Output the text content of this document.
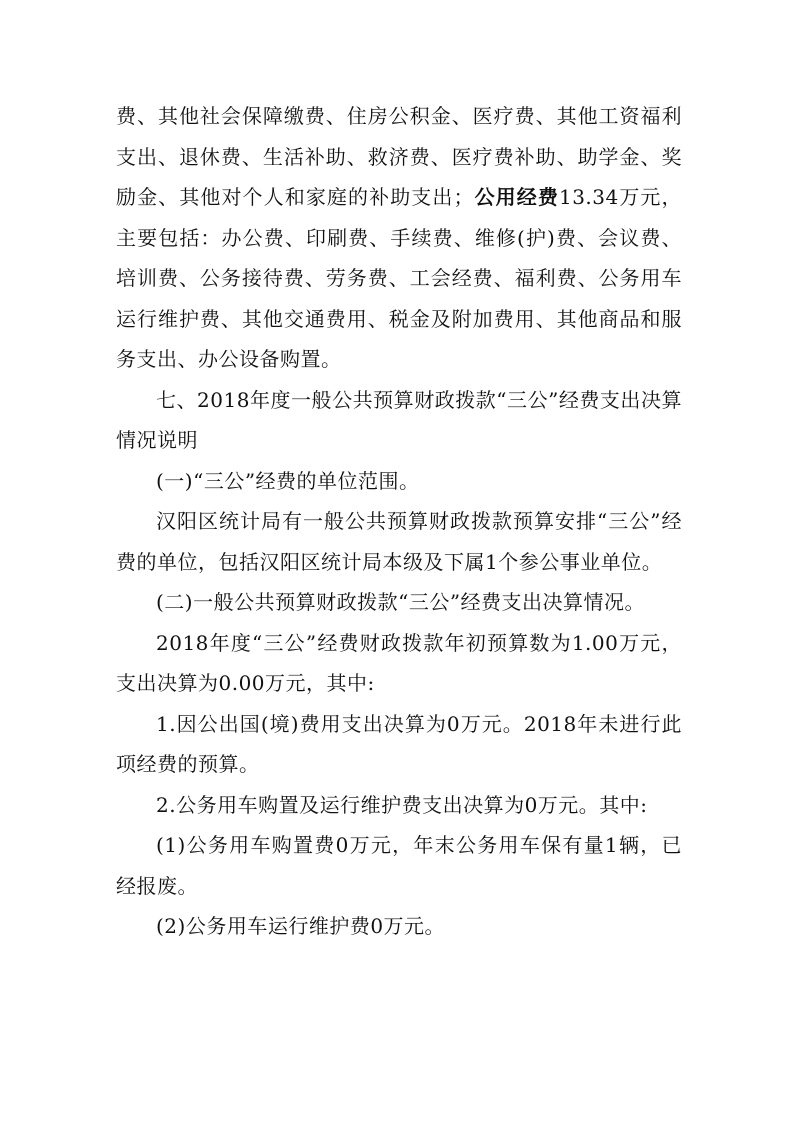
费、其他社会保障缴费、住房公积金、医疗费、其他工资福利支出、退休费、生活补助、救济费、医疗费补助、助学金、奖励金、其他对个人和家庭的补助支出；公用经费13.34万元，主要包括：办公费、印刷费、手续费、维修(护)费、会议费、培训费、公务接待费、劳务费、工会经费、福利费、公务用车运行维护费、其他交通费用、税金及附加费用、其他商品和服务支出、办公设备购置。

七、2018年度一般公共预算财政拨款“三公”经费支出决算情况说明

(一)“三公”经费的单位范围。

汉阳区统计局有一般公共预算财政拨款预算安排“三公”经费的单位，包括汉阳区统计局本级及下属1个参公事业单位。

(二)一般公共预算财政拨款“三公”经费支出决算情况。

2018年度“三公”经费财政拨款年初预算数为1.00万元，支出决算为0.00万元，其中:

1.因公出国(境)费用支出决算为0万元。2018年未进行此项经费的预算。

2.公务用车购置及运行维护费支出决算为0万元。其中:

(1)公务用车购置费0万元，年末公务用车保有量1辆，已经报废。

(2)公务用车运行维护费0万元。
